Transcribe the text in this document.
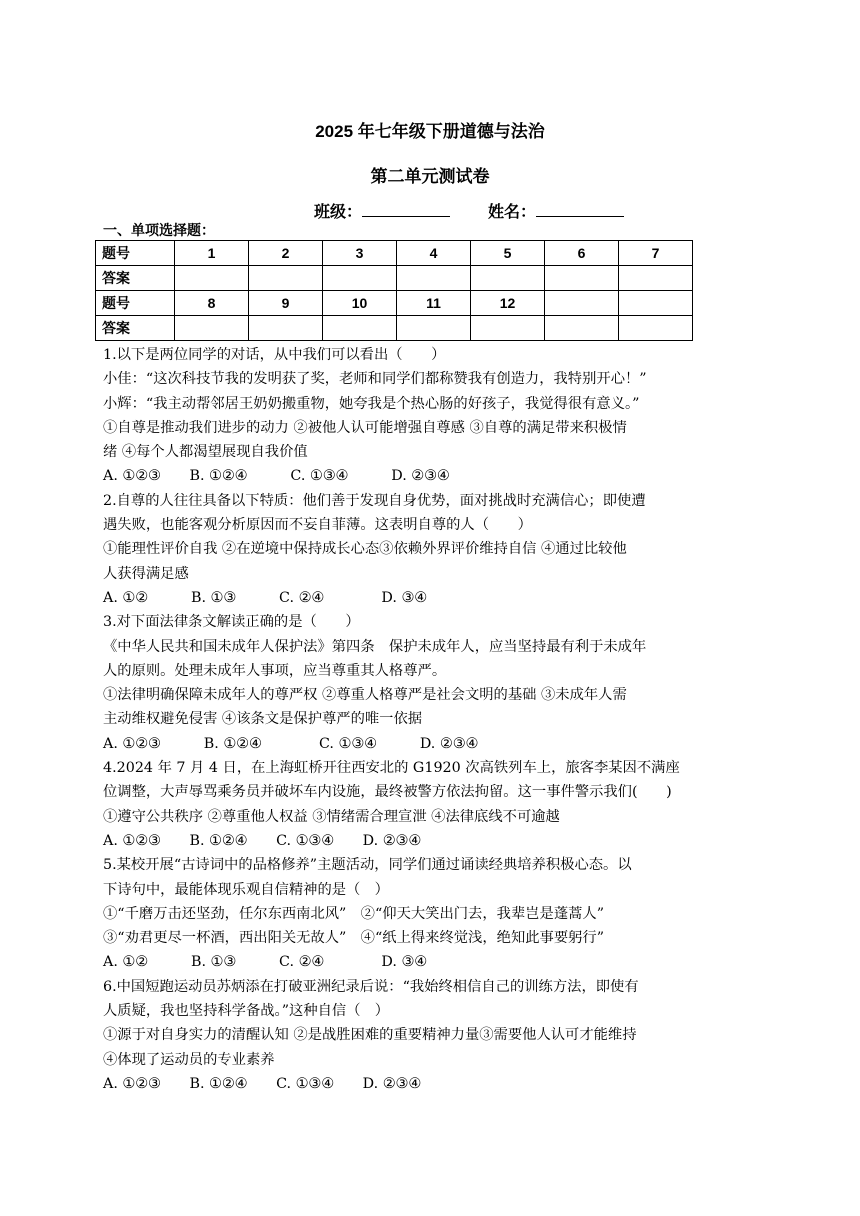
2025 年七年级下册道德与法治
第二单元测试卷
班级：	姓名：
一、单项选择题：
题号	1	2	3	4	5	6	7
答案							
题号	8	9	10	11	12		
答案							

1.以下是两位同学的对话，从中我们可以看出（　　）

小佳：“这次科技节我的发明获了奖，老师和同学们都称赞我有创造力，我特别开心！”

小辉：“我主动帮邻居王奶奶搬重物，她夸我是个热心肠的好孩子，我觉得很有意义。”

①自尊是推动我们进步的动力 ②被他人认可能增强自尊感 ③自尊的满足带来积极情

绪 ④每个人都渴望展现自我价值

A. ①②③　　B. ①②④　　　C. ①③④　　　D. ②③④

2.自尊的人往往具备以下特质：他们善于发现自身优势，面对挑战时充满信心；即使遭

遇失败，也能客观分析原因而不妄自菲薄。这表明自尊的人（　　）

①能理性评价自我 ②在逆境中保持成长心态③依赖外界评价维持自信 ④通过比较他

人获得满足感

A. ①②　　　B. ①③　　　C. ②④　　　　D. ③④

3.对下面法律条文解读正确的是（　　）

《中华人民共和国未成年人保护法》第四条　保护未成年人，应当坚持最有利于未成年

人的原则。处理未成年人事项，应当尊重其人格尊严。

①法律明确保障未成年人的尊严权 ②尊重人格尊严是社会文明的基础 ③未成年人需

主动维权避免侵害 ④该条文是保护尊严的唯一依据

A. ①②③　　　B. ①②④　　　　C. ①③④　　　D. ②③④

4.2024 年 7 月 4 日，在上海虹桥开往西安北的 G1920 次高铁列车上，旅客李某因不满座

位调整，大声辱骂乘务员并破坏车内设施，最终被警方依法拘留。这一事件警示我们(　　)

①遵守公共秩序 ②尊重他人权益 ③情绪需合理宣泄 ④法律底线不可逾越

A. ①②③　　B. ①②④　　C. ①③④　　D. ②③④

5.某校开展“古诗词中的品格修养”主题活动，同学们通过诵读经典培养积极心态。以

下诗句中，最能体现乐观自信精神的是（　）

①“千磨万击还坚劲，任尔东西南北风”　②“仰天大笑出门去，我辈岂是蓬蒿人”

③“劝君更尽一杯酒，西出阳关无故人”　④“纸上得来终觉浅，绝知此事要躬行”

A. ①②　　　B. ①③　　　C. ②④　　　　D. ③④

6.中国短跑运动员苏炳添在打破亚洲纪录后说：“我始终相信自己的训练方法，即使有

人质疑，我也坚持科学备战。”这种自信（　）

①源于对自身实力的清醒认知 ②是战胜困难的重要精神力量③需要他人认可才能维持

④体现了运动员的专业素养

A. ①②③　　B. ①②④　　C. ①③④　　D. ②③④
